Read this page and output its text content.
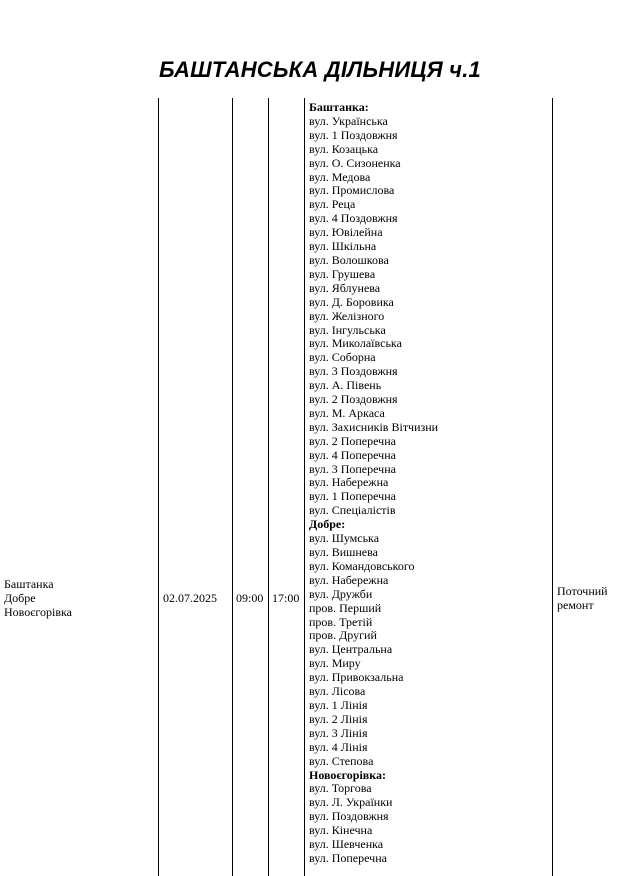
БАШТАНСЬКА ДІЛЬНИЦЯ ч.1
Баштанка
Добре
Новоєгорівка
02.07.2025 09:00 17:00	Поточний
ремонт
Баштанка:
вул. Українська
вул. 1 Поздовжня
вул. Козацька
вул. О. Сизоненка
вул. Медова
вул. Промислова
вул. Реца
вул. 4 Поздовжня
вул. Ювілейна
вул. Шкільна
вул. Волошкова
вул. Грушева
вул. Яблунева
вул. Д. Боровика
вул. Желізного
вул. Інгульська
вул. Миколаївська
вул. Соборна
вул. 3 Поздовжня
вул. А. Півень
вул. 2 Поздовжня
вул. М. Аркаса
вул. Захисників Вітчизни
вул. 2 Поперечна
вул. 4 Поперечна
вул. 3 Поперечна
вул. Набережна
вул. 1 Поперечна
вул. Спеціалістів
Добре:
вул. Шумська
вул. Вишнева
вул. Командовського
вул. Набережна
вул. Дружби
пров. Перший
пров. Третій
пров. Другий
вул. Центральна
вул. Миру
вул. Привокзальна
вул. Лісова
вул. 1 Лінія
вул. 2 Лінія
вул. 3 Лінія
вул. 4 Лінія
вул. Степова
Новоєгорівка:
вул. Торгова
вул. Л. Українки
вул. Поздовжня
вул. Кінечна
вул. Шевченка
вул. Поперечна
